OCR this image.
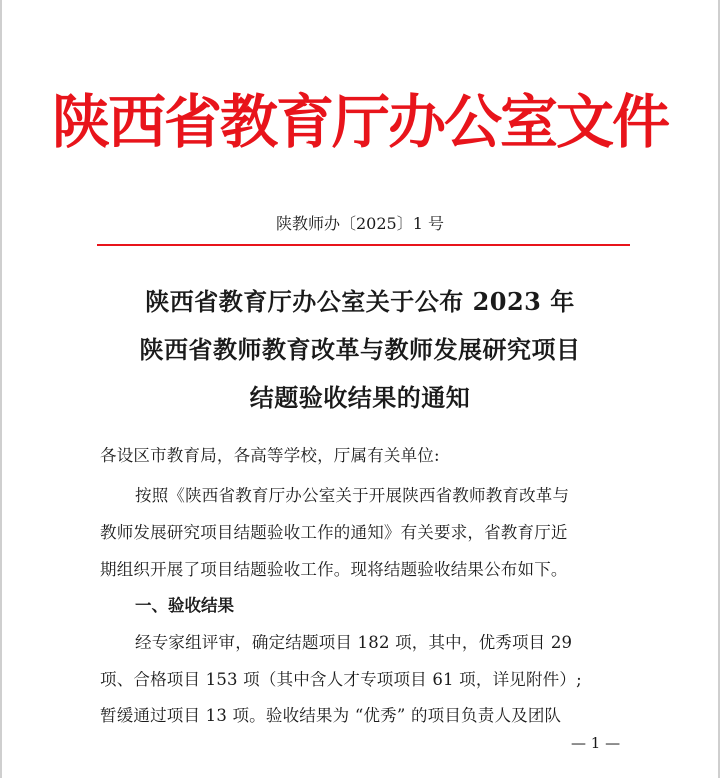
陕西省教育厅办公室文件
陕教师办〔2025〕1 号
陕西省教育厅办公室关于公布 2023 年
陕西省教师教育改革与教师发展研究项目
结题验收结果的通知
各设区市教育局，各高等学校，厅属有关单位:
按照《陕西省教育厅办公室关于开展陕西省教师教育改革与
教师发展研究项目结题验收工作的通知》有关要求，省教育厅近
期组织开展了项目结题验收工作。现将结题验收结果公布如下。
一、验收结果
经专家组评审，确定结题项目 182 项，其中，优秀项目 29
项、合格项目 153 项（其中含人才专项项目 61 项，详见附件）;
暂缓通过项目 13 项。验收结果为 “优秀” 的项目负责人及团队
— 1 —
